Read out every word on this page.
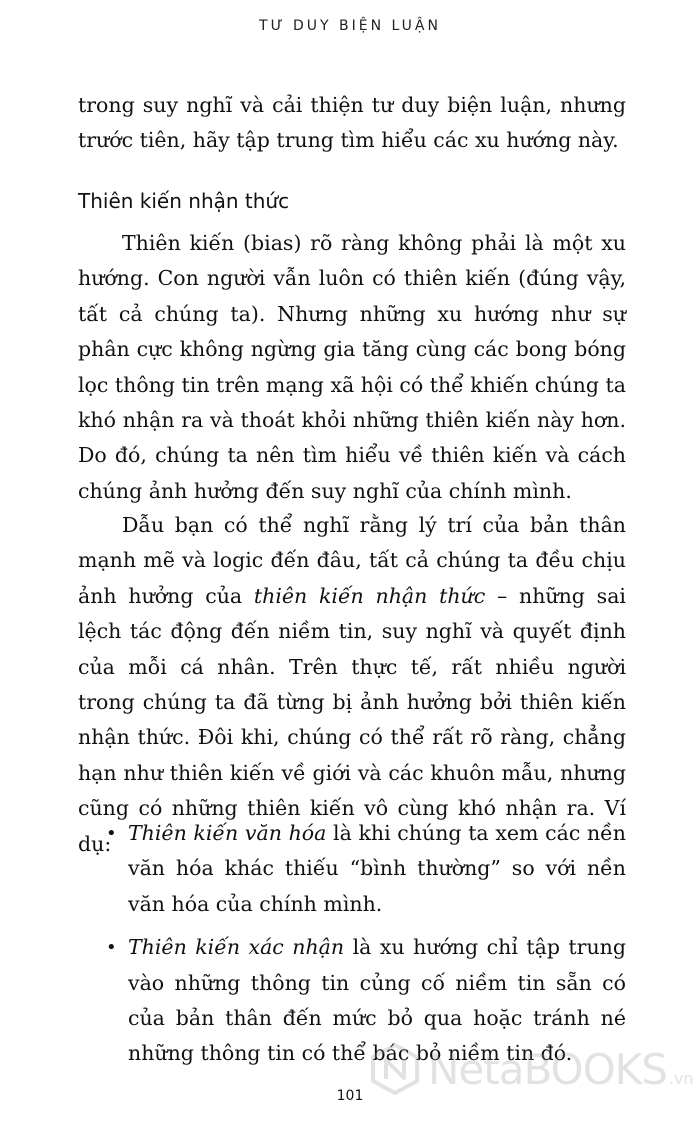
TƯ DUY BIỆN LUẬN

trong suy nghĩ và cải thiện tư duy biện luận, nhưng trước tiên, hãy tập trung tìm hiểu các xu hướng này.

Thiên kiến nhận thức

Thiên kiến (bias) rõ ràng không phải là một xu hướng. Con người vẫn luôn có thiên kiến (đúng vậy, tất cả chúng ta). Nhưng những xu hướng như sự phân cực không ngừng gia tăng cùng các bong bóng lọc thông tin trên mạng xã hội có thể khiến chúng ta khó nhận ra và thoát khỏi những thiên kiến này hơn. Do đó, chúng ta nên tìm hiểu về thiên kiến và cách chúng ảnh hưởng đến suy nghĩ của chính mình.

Dẫu bạn có thể nghĩ rằng lý trí của bản thân mạnh mẽ và logic đến đâu, tất cả chúng ta đều chịu ảnh hưởng của thiên kiến nhận thức – những sai lệch tác động đến niềm tin, suy nghĩ và quyết định của mỗi cá nhân. Trên thực tế, rất nhiều người trong chúng ta đã từng bị ảnh hưởng bởi thiên kiến nhận thức. Đôi khi, chúng có thể rất rõ ràng, chẳng hạn như thiên kiến về giới và các khuôn mẫu, nhưng cũng có những thiên kiến vô cùng khó nhận ra. Ví dụ:

• Thiên kiến văn hóa là khi chúng ta xem các nền văn hóa khác thiếu “bình thường” so với nền văn hóa của chính mình.
• Thiên kiến xác nhận là xu hướng chỉ tập trung vào những thông tin củng cố niềm tin sẵn có của bản thân đến mức bỏ qua hoặc tránh né những thông tin có thể bác bỏ niềm tin đó.
NetaBOOKS .vn
101
